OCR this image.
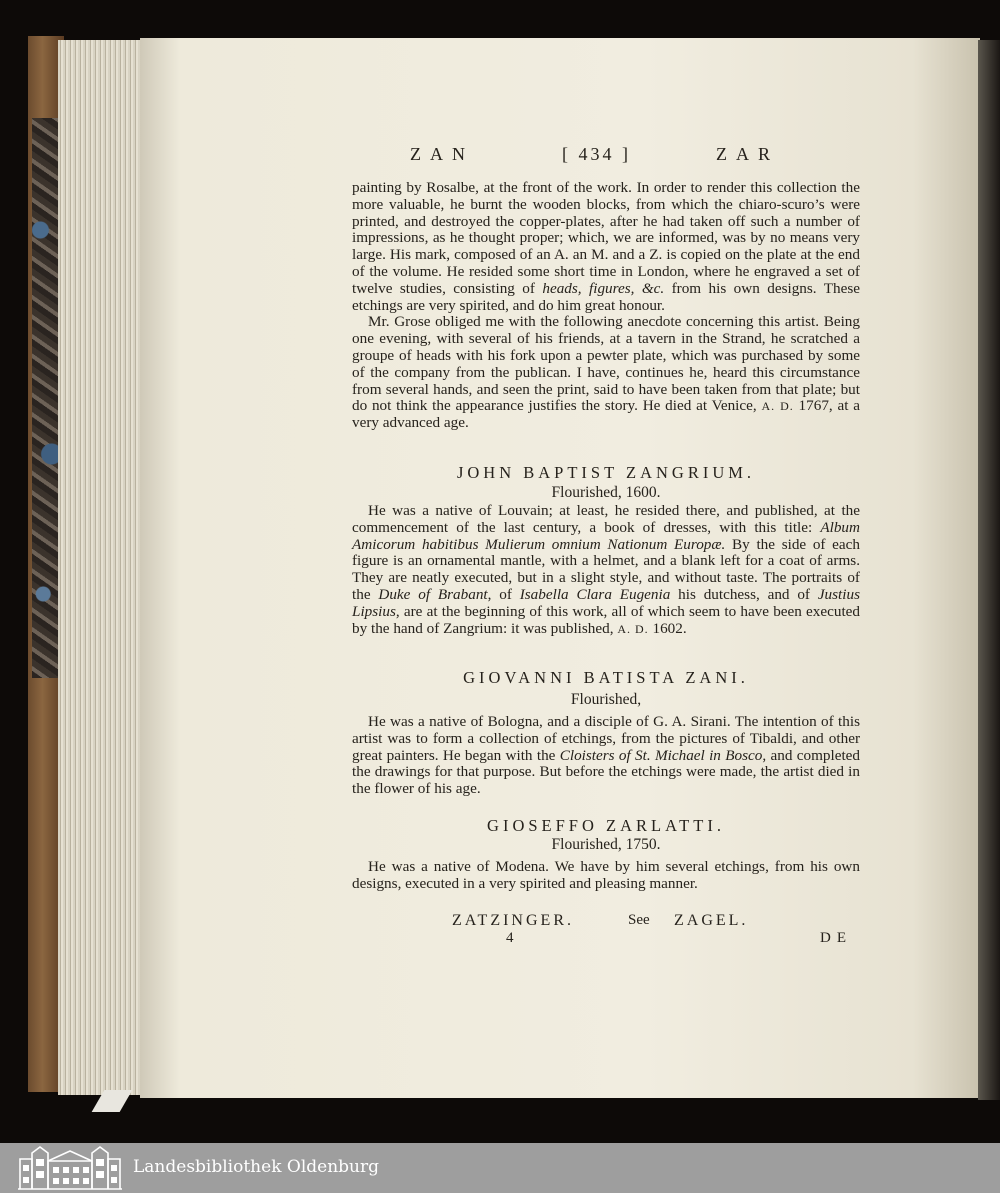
ZAN	[ 434 ]	ZAR

painting by Rosalbe, at the front of the work. In order to render this collection the more valuable, he burnt the wooden blocks, from which the chiaro-scuro’s were printed, and destroyed the copper-plates, after he had taken off such a number of impressions, as he thought proper; which, we are informed, was by no means very large. His mark, composed of an A. an M. and a Z. is copied on the plate at the end of the volume. He resided some short time in London, where he engraved a set of twelve studies, consisting of heads, figures, &c. from his own designs. These etchings are very spirited, and do him great honour.

Mr. Grose obliged me with the following anecdote concerning this artist. Being one evening, with several of his friends, at a tavern in the Strand, he scratched a groupe of heads with his fork upon a pewter plate, which was purchased by some of the company from the publican. I have, continues he, heard this circumstance from several hands, and seen the print, said to have been taken from that plate; but do not think the appearance justifies the story. He died at Venice, A. D. 1767, at a very advanced age.

JOHN BAPTIST ZANGRIUM.
Flourished, 1600.

He was a native of Louvain; at least, he resided there, and published, at the commencement of the last century, a book of dresses, with this title: Album Amicorum habitibus Mulierum omnium Nationum Europæ. By the side of each figure is an ornamental mantle, with a helmet, and a blank left for a coat of arms. They are neatly executed, but in a slight style, and without taste. The portraits of the Duke of Brabant, of Isabella Clara Eugenia his dutchess, and of Justius Lipsius, are at the beginning of this work, all of which seem to have been executed by the hand of Zangrium: it was published, A. D. 1602.

GIOVANNI BATISTA ZANI.
Flourished,

He was a native of Bologna, and a disciple of G. A. Sirani. The intention of this artist was to form a collection of etchings, from the pictures of Tibaldi, and other great painters. He began with the Cloisters of St. Michael in Bosco, and completed the drawings for that purpose. But before the etchings were made, the artist died in the flower of his age.

GIOSEFFO ZARLATTI.
Flourished, 1750.

He was a native of Modena. We have by him several etchings, from his own designs, executed in a very spirited and pleasing manner.

ZATZINGER.	See ZAGEL.
4	DE
Landesbibliothek Oldenburg
